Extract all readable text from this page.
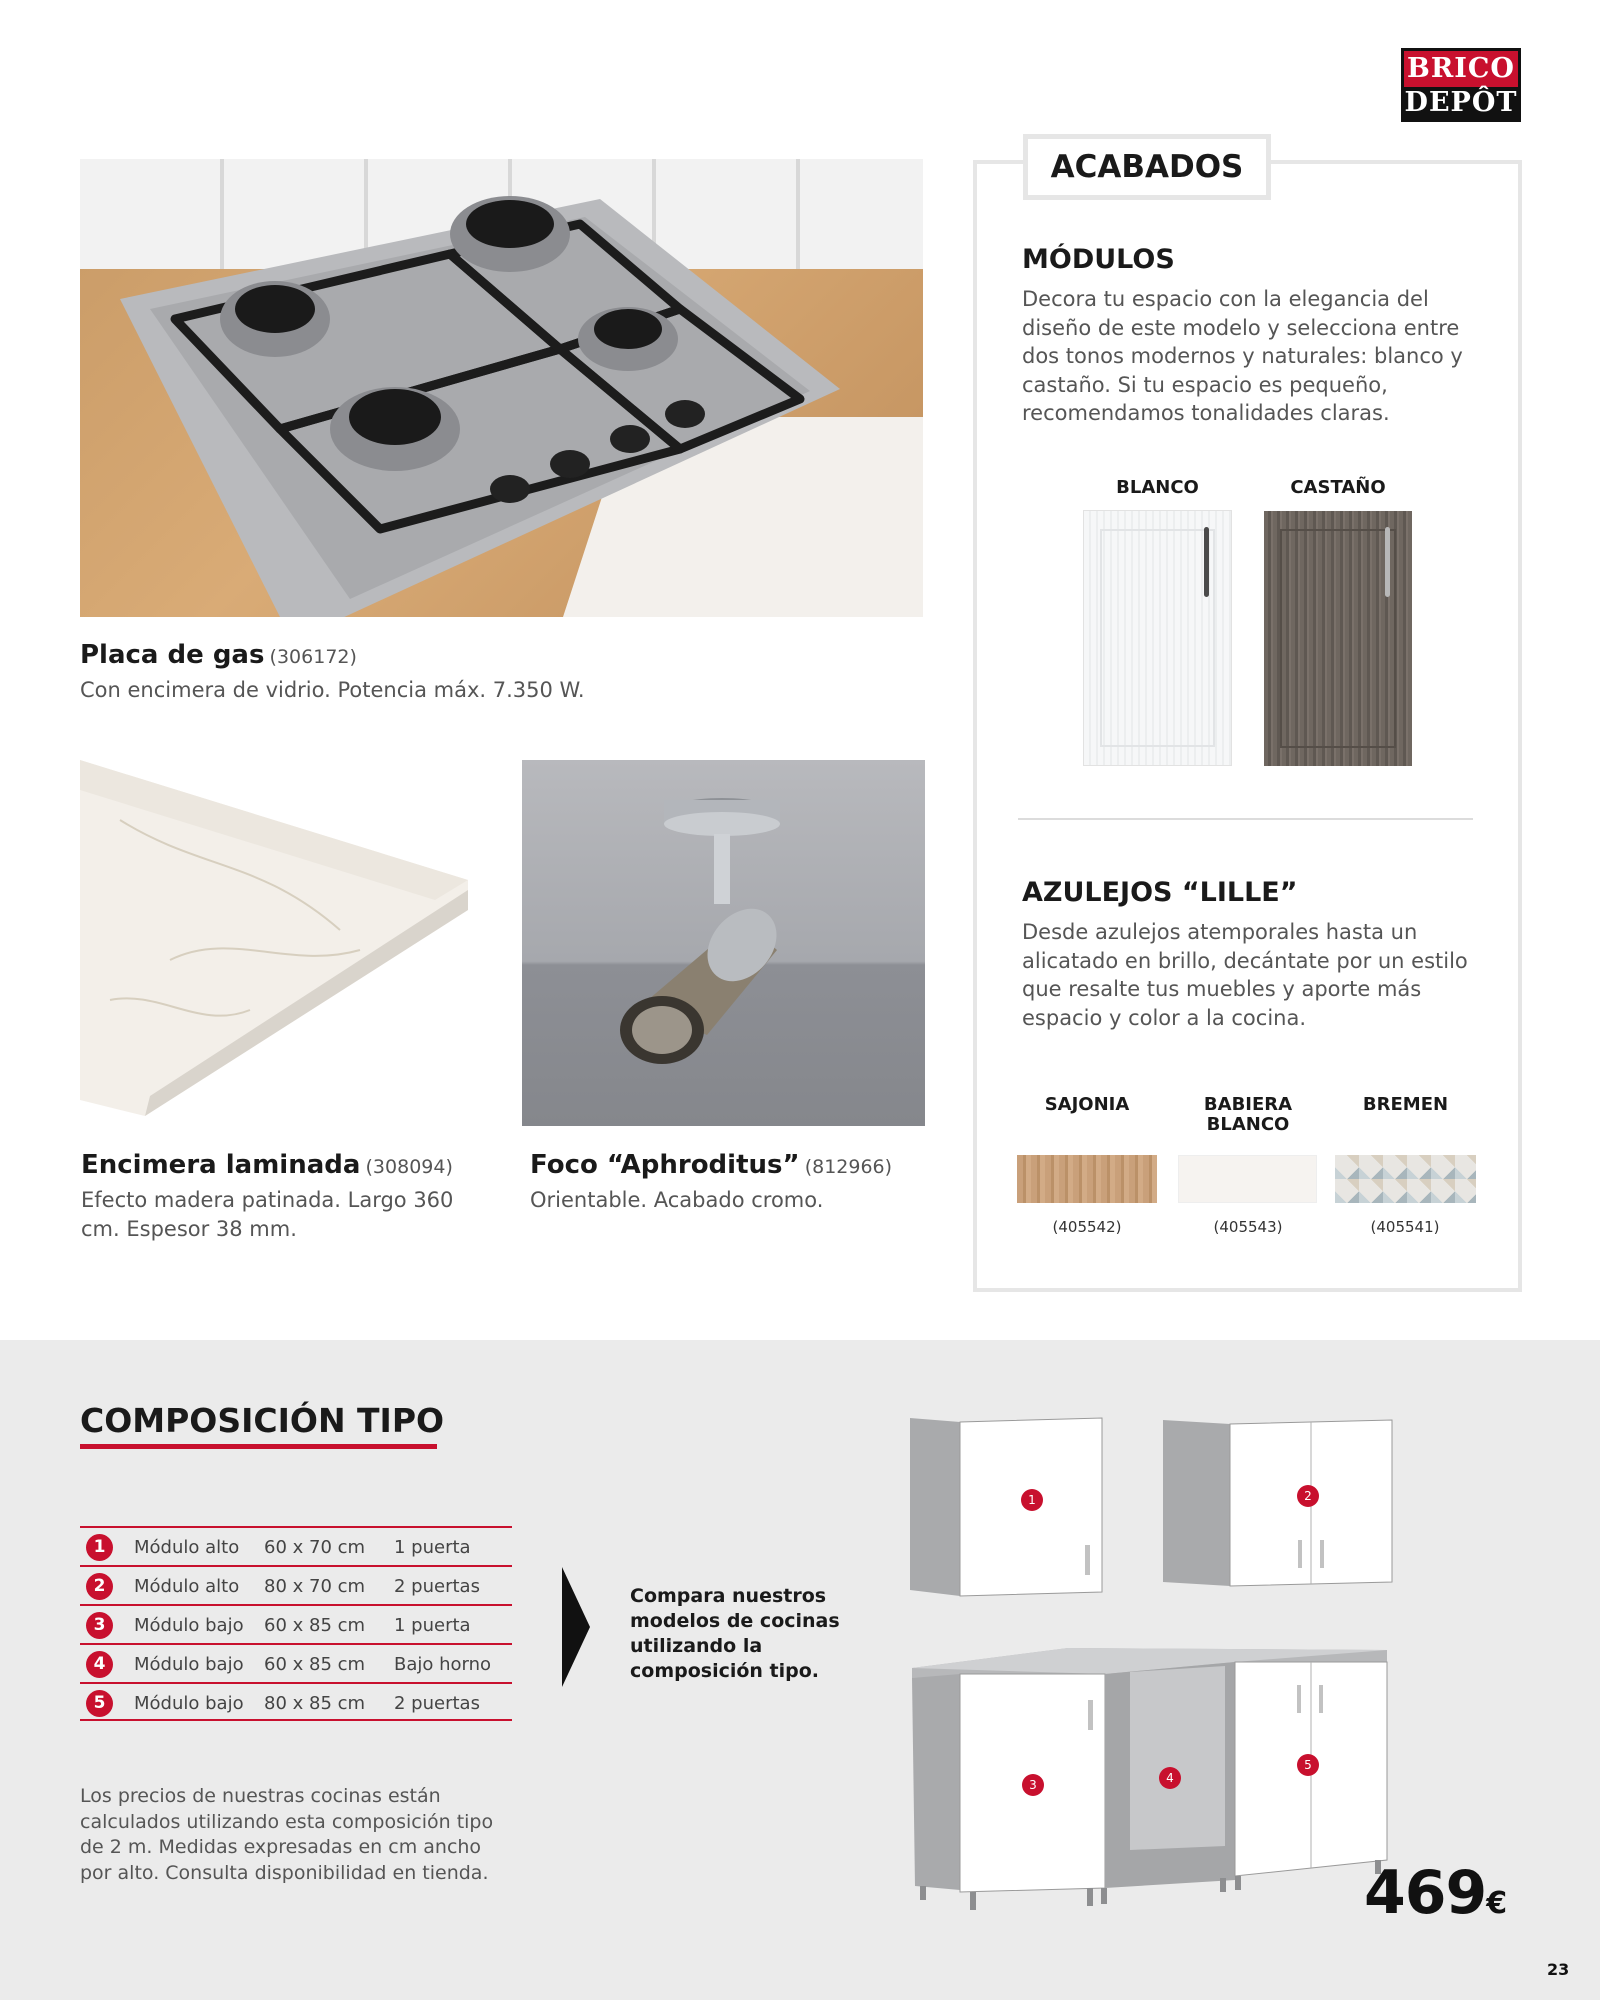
BRICO
DEPÔT
Placa de gas (306172)
Con encimera de vidrio. Potencia máx. 7.350 W.
Encimera laminada (308094)
Efecto madera patinada. Largo 360 cm. Espesor 38 mm.
Foco “Aphroditus” (812966)
Orientable. Acabado cromo.
ACABADOS
MÓDULOS
Decora tu espacio con la elegancia del diseño de este modelo y selecciona entre dos tonos modernos y naturales: blanco y castaño. Si tu espacio es pequeño, recomendamos tonalidades claras.
BLANCO	CASTAÑO
AZULEJOS “LILLE”
Desde azulejos atemporales hasta un alicatado en brillo, decántate por un estilo que resalte tus muebles y aporte más espacio y color a la cocina.
SAJONIA	BABIERA BLANCO
BREMEN
(405542)	(405543)	(405541)
COMPOSICIÓN TIPO
1	Módulo alto 60 x 70 cm 1 puerta
2	Módulo alto 80 x 70 cm 2 puertas
3	Módulo bajo 60 x 85 cm 1 puerta
4	Módulo bajo 60 x 85 cm Bajo horno
5	Módulo bajo 80 x 85 cm 2 puertas
Compara nuestros modelos de cocinas utilizando la composición tipo.
Los precios de nuestras cocinas están calculados utilizando esta composición tipo de 2 m. Medidas expresadas en cm ancho por alto. Consulta disponibilidad en tienda.
1	2
3	4
5
469€
23
